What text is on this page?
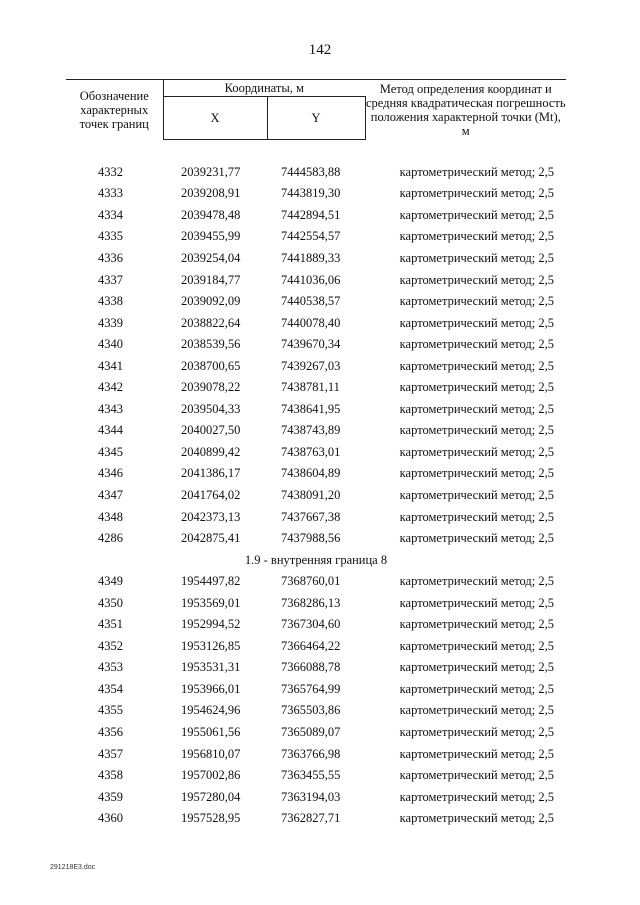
142
Обозначение характерных точек границ	Координаты, м		Метод определения координат и средняя квадратическая погрешность положения характерной точки (Mt), м
	X	Y	

4332	2039231,77	7444583,88	картометрический метод; 2,5
4333	2039208,91	7443819,30	картометрический метод; 2,5
4334	2039478,48	7442894,51	картометрический метод; 2,5
4335	2039455,99	7442554,57	картометрический метод; 2,5
4336	2039254,04	7441889,33	картометрический метод; 2,5
4337	2039184,77	7441036,06	картометрический метод; 2,5
4338	2039092,09	7440538,57	картометрический метод; 2,5
4339	2038822,64	7440078,40	картометрический метод; 2,5
4340	2038539,56	7439670,34	картометрический метод; 2,5
4341	2038700,65	7439267,03	картометрический метод; 2,5
4342	2039078,22	7438781,11	картометрический метод; 2,5
4343	2039504,33	7438641,95	картометрический метод; 2,5
4344	2040027,50	7438743,89	картометрический метод; 2,5
4345	2040899,42	7438763,01	картометрический метод; 2,5
4346	2041386,17	7438604,89	картометрический метод; 2,5
4347	2041764,02	7438091,20	картометрический метод; 2,5
4348	2042373,13	7437667,38	картометрический метод; 2,5
4286	2042875,41	7437988,56	картометрический метод; 2,5
1.9 - внутренняя граница 8			
4349	1954497,82	7368760,01	картометрический метод; 2,5
4350	1953569,01	7368286,13	картометрический метод; 2,5
4351	1952994,52	7367304,60	картометрический метод; 2,5
4352	1953126,85	7366464,22	картометрический метод; 2,5
4353	1953531,31	7366088,78	картометрический метод; 2,5
4354	1953966,01	7365764,99	картометрический метод; 2,5
4355	1954624,96	7365503,86	картометрический метод; 2,5
4356	1955061,56	7365089,07	картометрический метод; 2,5
4357	1956810,07	7363766,98	картометрический метод; 2,5
4358	1957002,86	7363455,55	картометрический метод; 2,5
4359	1957280,04	7363194,03	картометрический метод; 2,5
4360	1957528,95	7362827,71	картометрический метод; 2,5
291218E3.doc
